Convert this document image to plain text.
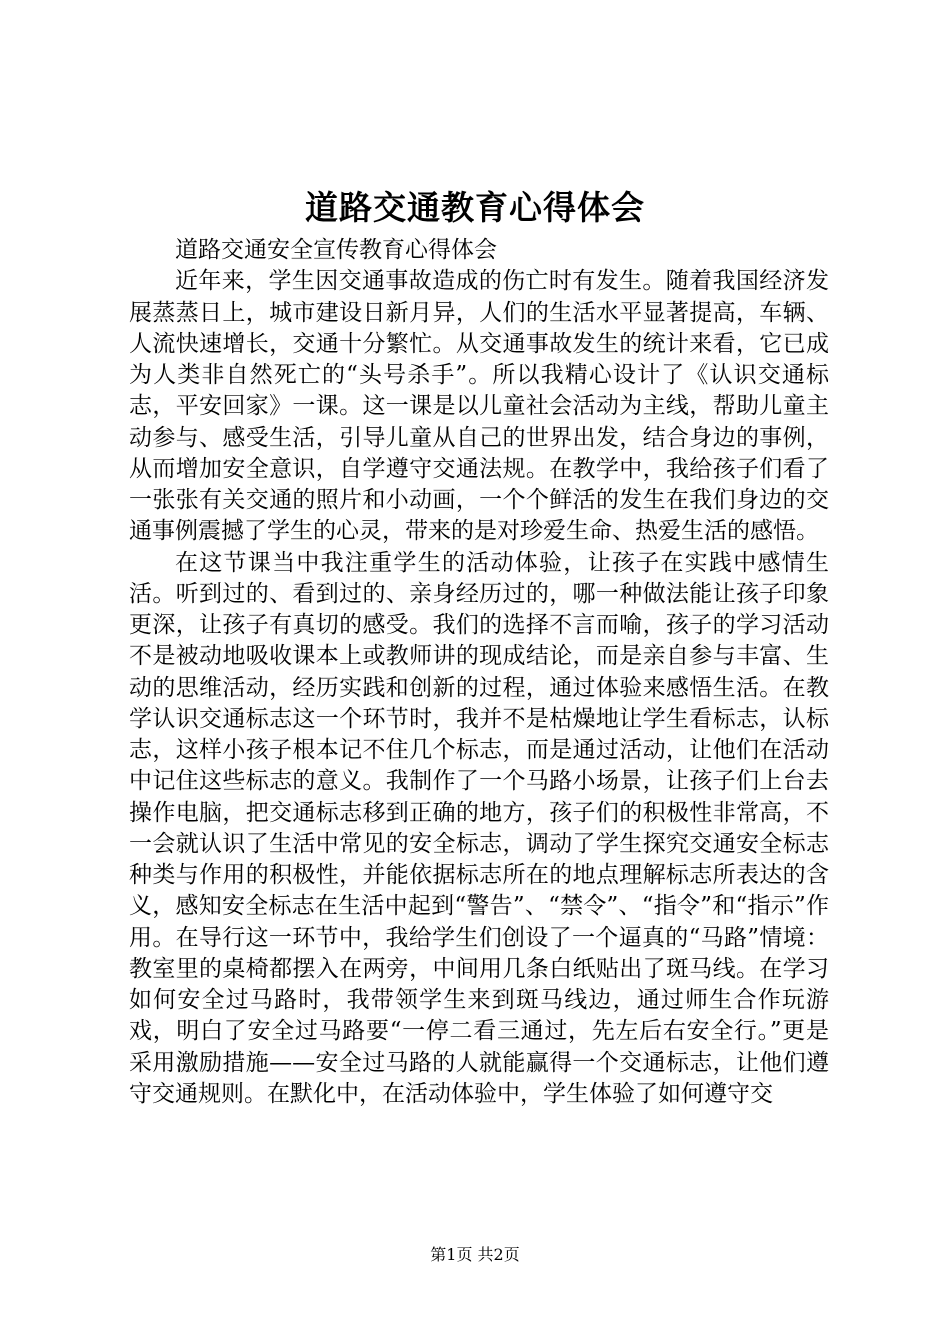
道路交通教育心得体会

道路交通安全宣传教育心得体会

近年来，学生因交通事故造成的伤亡时有发生。随着我国经济发展蒸蒸日上，城市建设日新月异，人们的生活水平显著提高，车辆、人流快速增长，交通十分繁忙。从交通事故发生的统计来看，它已成为人类非自然死亡的“头号杀手”。所以我精心设计了《认识交通标志，平安回家》一课。这一课是以儿童社会活动为主线，帮助儿童主动参与、感受生活，引导儿童从自己的世界出发，结合身边的事例，从而增加安全意识，自学遵守交通法规。在教学中，我给孩子们看了一张张有关交通的照片和小动画，一个个鲜活的发生在我们身边的交通事例震撼了学生的心灵，带来的是对珍爱生命、热爱生活的感悟。

在这节课当中我注重学生的活动体验，让孩子在实践中感情生活。听到过的、看到过的、亲身经历过的，哪一种做法能让孩子印象更深，让孩子有真切的感受。我们的选择不言而喻，孩子的学习活动不是被动地吸收课本上或教师讲的现成结论，而是亲自参与丰富、生动的思维活动，经历实践和创新的过程，通过体验来感悟生活。在教学认识交通标志这一个环节时，我并不是枯燥地让学生看标志，认标志，这样小孩子根本记不住几个标志，而是通过活动，让他们在活动中记住这些标志的意义。我制作了一个马路小场景，让孩子们上台去操作电脑，把交通标志移到正确的地方，孩子们的积极性非常高，不一会就认识了生活中常见的安全标志，调动了学生探究交通安全标志种类与作用的积极性，并能依据标志所在的地点理解标志所表达的含义，感知安全标志在生活中起到“警告”、“禁令”、“指令”和“指示”作用。在导行这一环节中，我给学生们创设了一个逼真的“马路”情境：教室里的桌椅都摆入在两旁，中间用几条白纸贴出了斑马线。在学习如何安全过马路时，我带领学生来到斑马线边，通过师生合作玩游戏，明白了安全过马路要“一停二看三通过，先左后右安全行。”更是采用激励措施——安全过马路的人就能赢得一个交通标志，让他们遵守交通规则。在默化中，在活动体验中，学生体验了如何遵守交

第1页 共2页
